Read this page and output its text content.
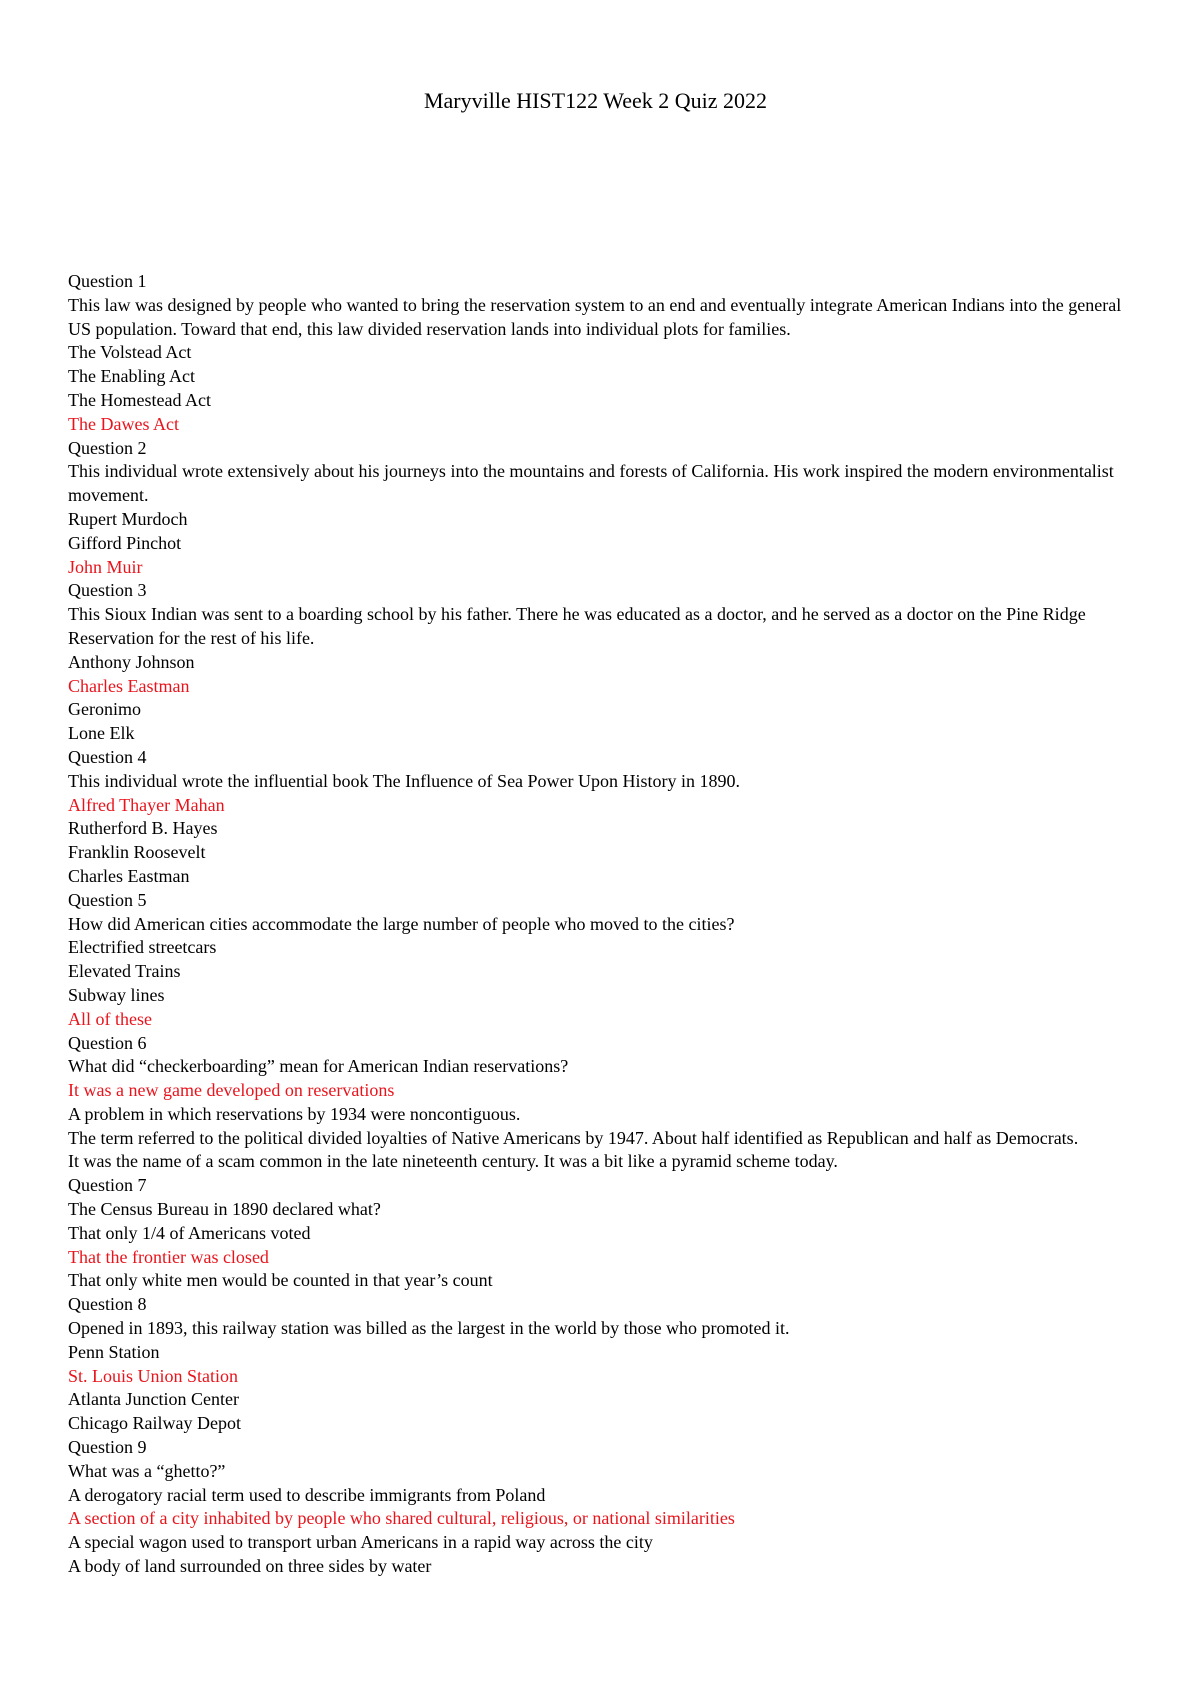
Maryville HIST122 Week 2 Quiz 2022
Question 1
This law was designed by people who wanted to bring the reservation system to an end and eventually integrate American Indians into the general US population. Toward that end, this law divided reservation lands into individual plots for families.
The Volstead Act
The Enabling Act
The Homestead Act
The Dawes Act
Question 2
This individual wrote extensively about his journeys into the mountains and forests of California. His work inspired the modern environmentalist movement.
Rupert Murdoch
Gifford Pinchot
John Muir
Question 3
This Sioux Indian was sent to a boarding school by his father. There he was educated as a doctor, and he served as a doctor on the Pine Ridge Reservation for the rest of his life.
Anthony Johnson
Charles Eastman
Geronimo
Lone Elk
Question 4
This individual wrote the influential book The Influence of Sea Power Upon History in 1890.
Alfred Thayer Mahan
Rutherford B. Hayes
Franklin Roosevelt
Charles Eastman
Question 5
How did American cities accommodate the large number of people who moved to the cities?
Electrified streetcars
Elevated Trains
Subway lines
All of these
Question 6
What did “checkerboarding” mean for American Indian reservations?
It was a new game developed on reservations
A problem in which reservations by 1934 were noncontiguous.
The term referred to the political divided loyalties of Native Americans by 1947. About half identified as Republican and half as Democrats.
It was the name of a scam common in the late nineteenth century. It was a bit like a pyramid scheme today.
Question 7
The Census Bureau in 1890 declared what?
That only 1/4 of Americans voted
That the frontier was closed
That only white men would be counted in that year’s count
Question 8
Opened in 1893, this railway station was billed as the largest in the world by those who promoted it.
Penn Station
St. Louis Union Station
Atlanta Junction Center
Chicago Railway Depot
Question 9
What was a “ghetto?”
A derogatory racial term used to describe immigrants from Poland
A section of a city inhabited by people who shared cultural, religious, or national similarities
A special wagon used to transport urban Americans in a rapid way across the city
A body of land surrounded on three sides by water
